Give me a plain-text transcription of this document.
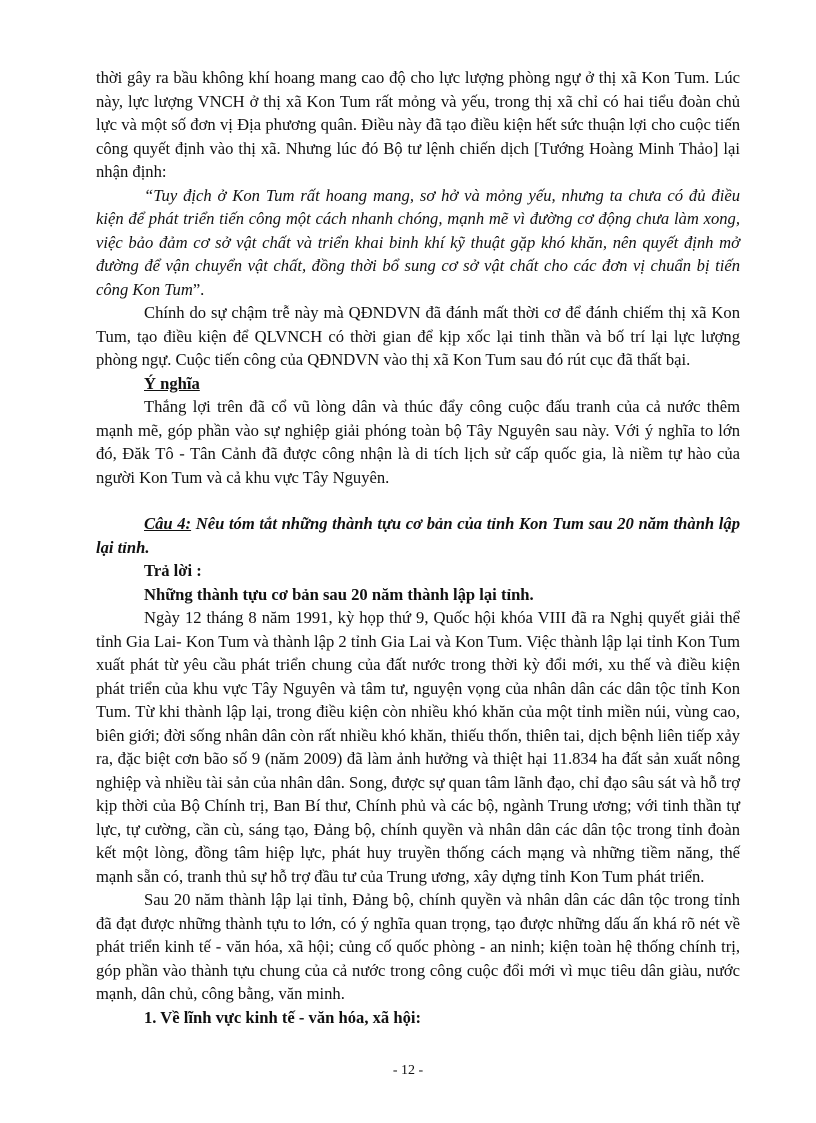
thời gây ra bầu không khí hoang mang cao độ cho lực lượng phòng ngự ở thị xã Kon Tum. Lúc này, lực lượng VNCH ở thị xã Kon Tum rất mỏng và yếu, trong thị xã chỉ có hai tiểu đoàn chủ lực và một số đơn vị Địa phương quân. Điều này đã tạo điều kiện hết sức thuận lợi cho cuộc tiến công quyết định vào thị xã. Nhưng lúc đó Bộ tư lệnh chiến dịch [Tướng Hoàng Minh Thảo] lại nhận định:

“Tuy địch ở Kon Tum rất hoang mang, sơ hở và mỏng yếu, nhưng ta chưa có đủ điều kiện để phát triển tiến công một cách nhanh chóng, mạnh mẽ vì đường cơ động chưa làm xong, việc bảo đảm cơ sở vật chất và triển khai binh khí kỹ thuật gặp khó khăn, nên quyết định mở đường để vận chuyển vật chất, đồng thời bổ sung cơ sở vật chất cho các đơn vị chuẩn bị tiến công Kon Tum”.

Chính do sự chậm trễ này mà QĐNDVN đã đánh mất thời cơ để đánh chiếm thị xã Kon Tum, tạo điều kiện để QLVNCH có thời gian để kịp xốc lại tinh thần và bố trí lại lực lượng phòng ngự. Cuộc tiến công của QĐNDVN vào thị xã Kon Tum sau đó rút cục đã thất bại.

Ý nghĩa

Thắng lợi trên đã cổ vũ lòng dân và thúc đẩy công cuộc đấu tranh của cả nước thêm mạnh mẽ, góp phần vào sự nghiệp giải phóng toàn bộ Tây Nguyên sau này. Với ý nghĩa to lớn đó, Đăk Tô - Tân Cảnh đã được công nhận là di tích lịch sử cấp quốc gia, là niềm tự hào của người Kon Tum và cả khu vực Tây Nguyên.

Câu 4: Nêu tóm tắt những thành tựu cơ bản của tỉnh Kon Tum sau 20 năm thành lập lại tỉnh.

Trả lời :

Những thành tựu cơ bản sau 20 năm thành lập lại tỉnh.

Ngày 12 tháng 8 năm 1991, kỳ họp thứ 9, Quốc hội khóa VIII đã ra Nghị quyết giải thể tỉnh Gia Lai- Kon Tum và thành lập 2 tỉnh Gia Lai và Kon Tum. Việc thành lập lại tỉnh Kon Tum xuất phát từ yêu cầu phát triển chung của đất nước trong thời kỳ đổi mới, xu thế và điều kiện phát triển của khu vực Tây Nguyên và tâm tư, nguyện vọng của nhân dân các dân tộc tỉnh Kon Tum. Từ khi thành lập lại, trong điều kiện còn nhiều khó khăn của một tỉnh miền núi, vùng cao, biên giới; đời sống nhân dân còn rất nhiều khó khăn, thiếu thốn, thiên tai, dịch bệnh liên tiếp xảy ra, đặc biệt cơn bão số 9 (năm 2009) đã làm ảnh hưởng và thiệt hại 11.834 ha đất sản xuất nông nghiệp và nhiều tài sản của nhân dân. Song, được sự quan tâm lãnh đạo, chỉ đạo sâu sát và hỗ trợ kịp thời của Bộ Chính trị, Ban Bí thư, Chính phủ và các bộ, ngành Trung ương; với tinh thần tự lực, tự cường, cần cù, sáng tạo, Đảng bộ, chính quyền và nhân dân các dân tộc trong tỉnh đoàn kết một lòng, đồng tâm hiệp lực, phát huy truyền thống cách mạng và những tiềm năng, thế mạnh sẵn có, tranh thủ sự hỗ trợ đầu tư của Trung ương, xây dựng tỉnh Kon Tum phát triển.

Sau 20 năm thành lập lại tỉnh, Đảng bộ, chính quyền và nhân dân các dân tộc trong tỉnh đã đạt được những thành tựu to lớn, có ý nghĩa quan trọng, tạo được những dấu ấn khá rõ nét về phát triển kinh tế - văn hóa, xã hội; củng cố quốc phòng - an ninh; kiện toàn hệ thống chính trị, góp phần vào thành tựu chung của cả nước trong công cuộc đổi mới vì mục tiêu dân giàu, nước mạnh, dân chủ, công bằng, văn minh.

1. Về lĩnh vực kinh tế - văn hóa, xã hội:

- 12 -
